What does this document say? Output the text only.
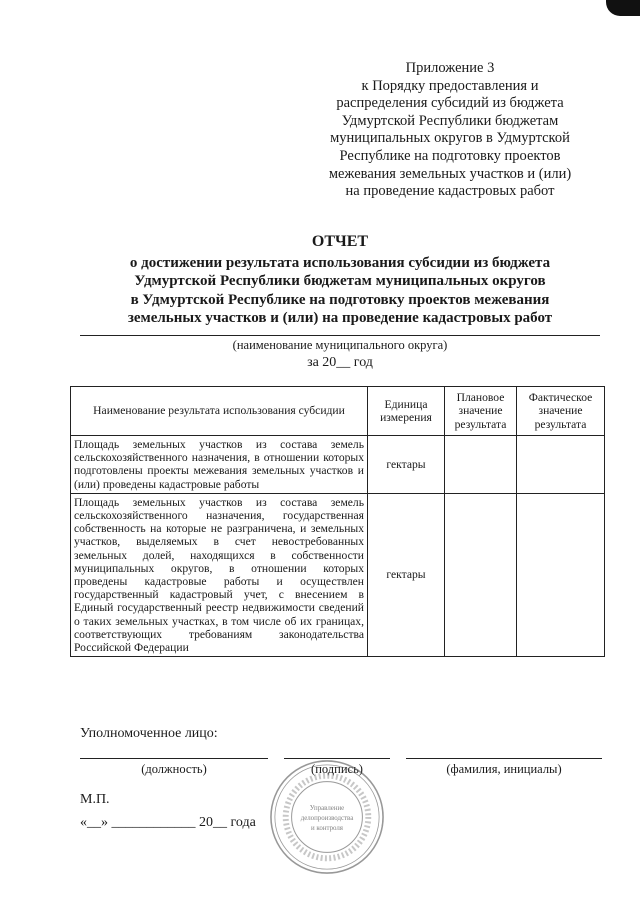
Приложение 3
к Порядку предоставления и
распределения субсидий из бюджета
Удмуртской Республики бюджетам
муниципальных округов в Удмуртской
Республике на подготовку проектов
межевания земельных участков и (или)
на проведение кадастровых работ
ОТЧЕТ
о достижении результата использования субсидии из бюджета
Удмуртской Республики бюджетам муниципальных округов
в Удмуртской Республике на подготовку проектов межевания
земельных участков и (или) на проведение кадастровых работ
(наименование муниципального округа)
за 20__ год
Наименование результата использования субсидии	Единица измерения	Плановое значение результата	Фактическое значение результата
Площадь земельных участков из состава земель сельскохозяйственного назначения, в отношении которых подготовлены проекты межевания земельных участков и (или) проведены кадастровые работы	гектары		
Площадь земельных участков из состава земель сельскохозяйственного назначения, государственная собственность на которые не разграничена, и земельных участков, выделяемых в счет невостребованных земельных долей, находящихся в собственности муниципальных округов, в отношении которых проведены кадастровые работы и осуществлен государственный кадастровый учет, с внесением в Единый государственный реестр недвижимости сведений о таких земельных участках, в том числе об их границах, соответствующих требованиям законодательства Российской Федерации	гектары		
Уполномоченное лицо:
(должность)	(подпись)	(фамилия, инициалы)
М.П.
«__» ____________ 20__ года
Управление
делопроизводства
и контроля
